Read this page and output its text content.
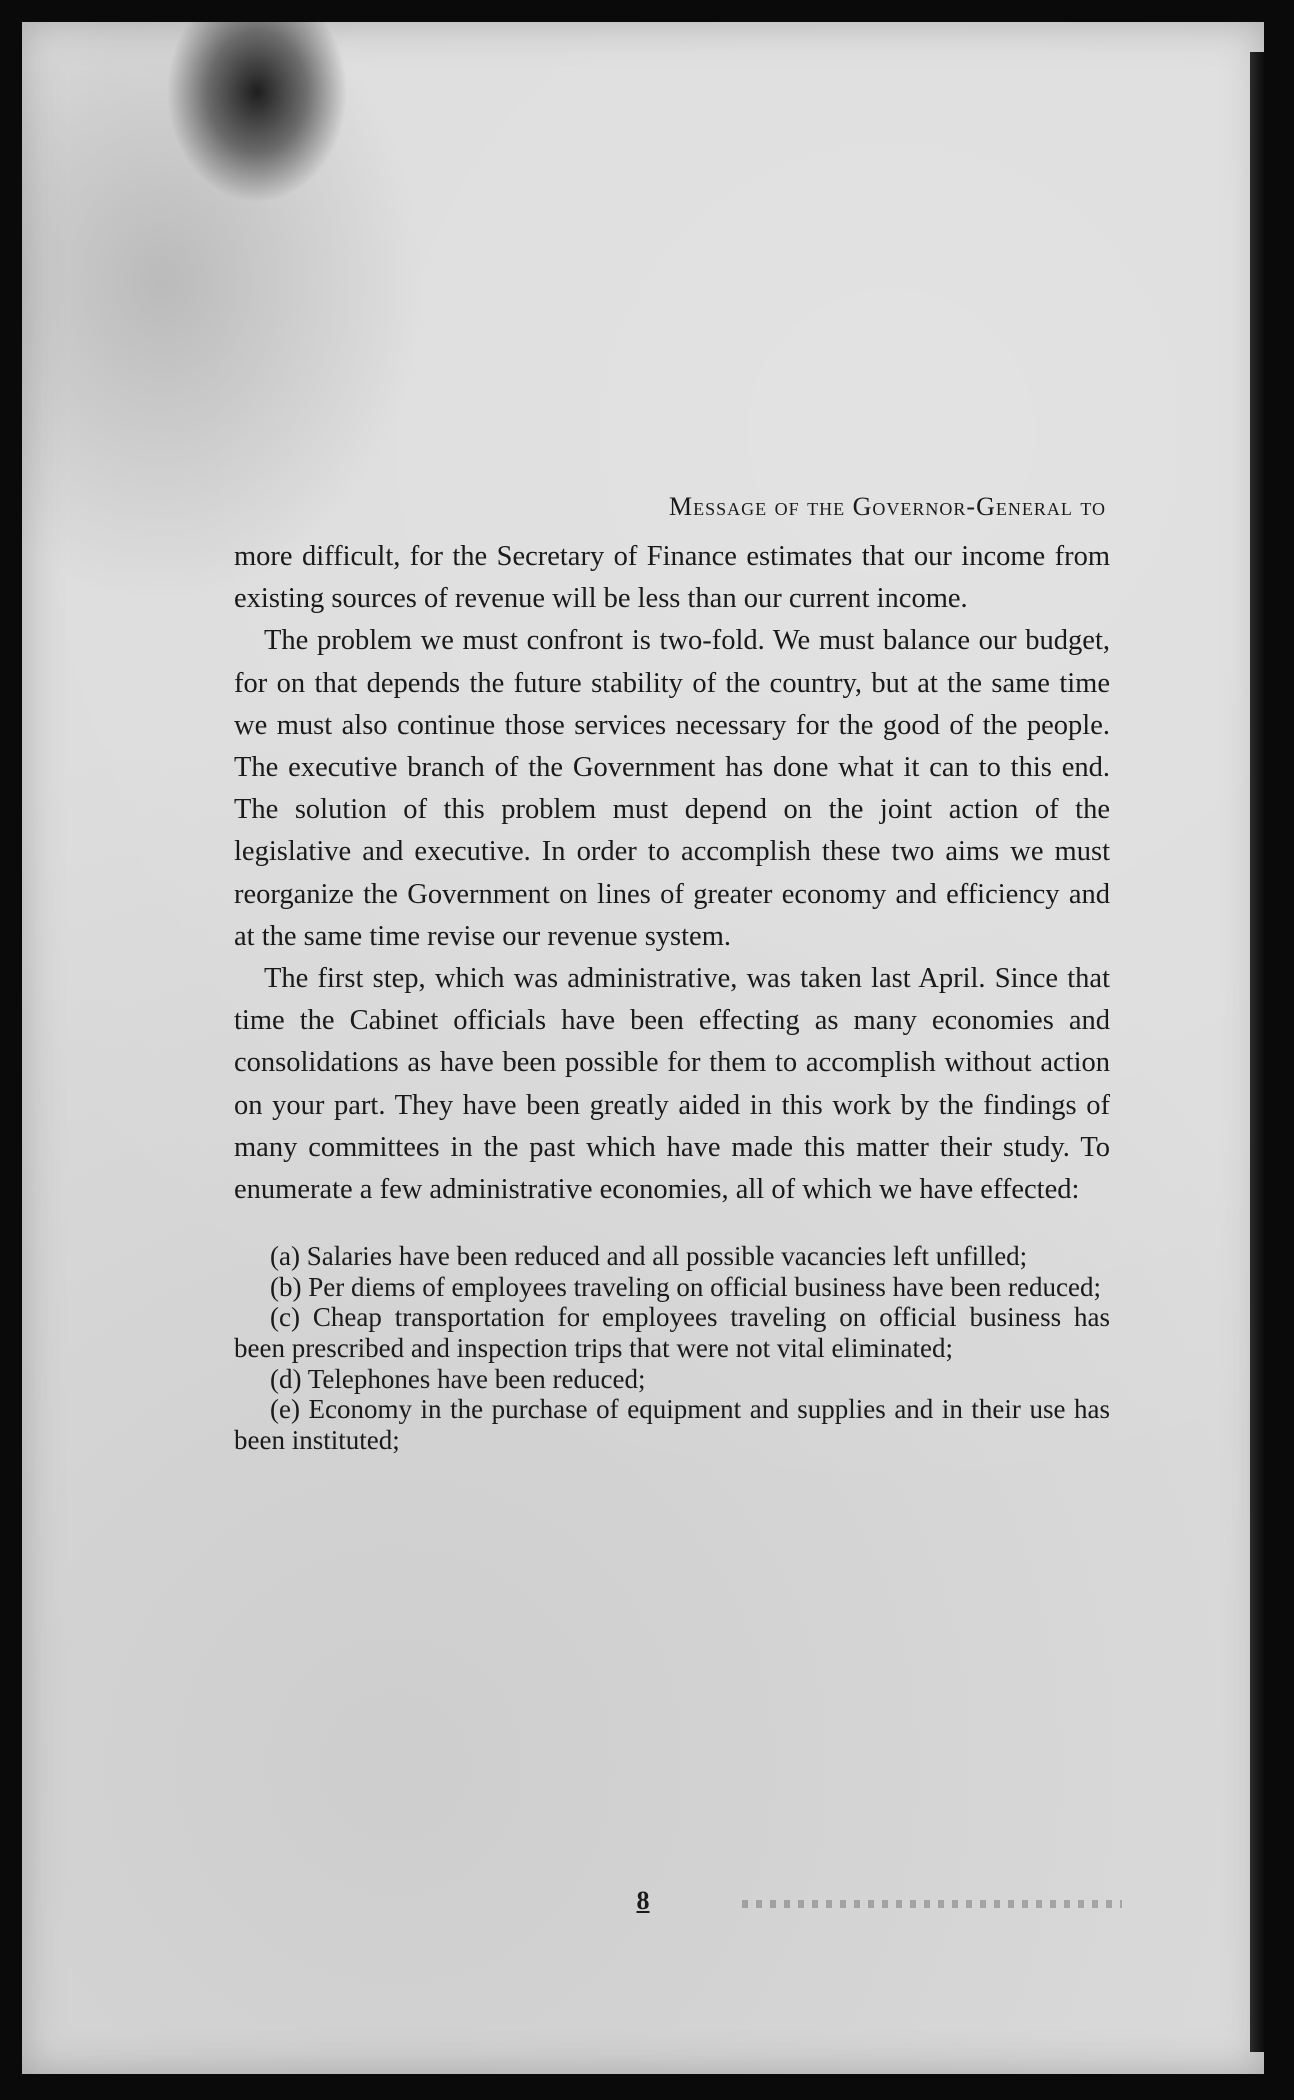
Message of the Governor-General to

more difficult, for the Secretary of Finance estimates that our income from existing sources of revenue will be less than our current income.

The problem we must confront is two-fold. We must balance our budget, for on that depends the future stability of the country, but at the same time we must also continue those services necessary for the good of the people. The executive branch of the Government has done what it can to this end. The solution of this problem must depend on the joint action of the legislative and executive. In order to accomplish these two aims we must reorganize the Government on lines of greater economy and efficiency and at the same time revise our revenue system.

The first step, which was administrative, was taken last April. Since that time the Cabinet officials have been effecting as many economies and consolidations as have been possible for them to accomplish without action on your part. They have been greatly aided in this work by the findings of many committees in the past which have made this matter their study. To enumerate a few administrative economies, all of which we have effected:

(a) Salaries have been reduced and all possible vacancies left unfilled;

(b) Per diems of employees traveling on official business have been reduced;

(c) Cheap transportation for employees traveling on official business has been prescribed and inspection trips that were not vital eliminated;

(d) Telephones have been reduced;

(e) Economy in the purchase of equipment and supplies and in their use has been instituted;

8
